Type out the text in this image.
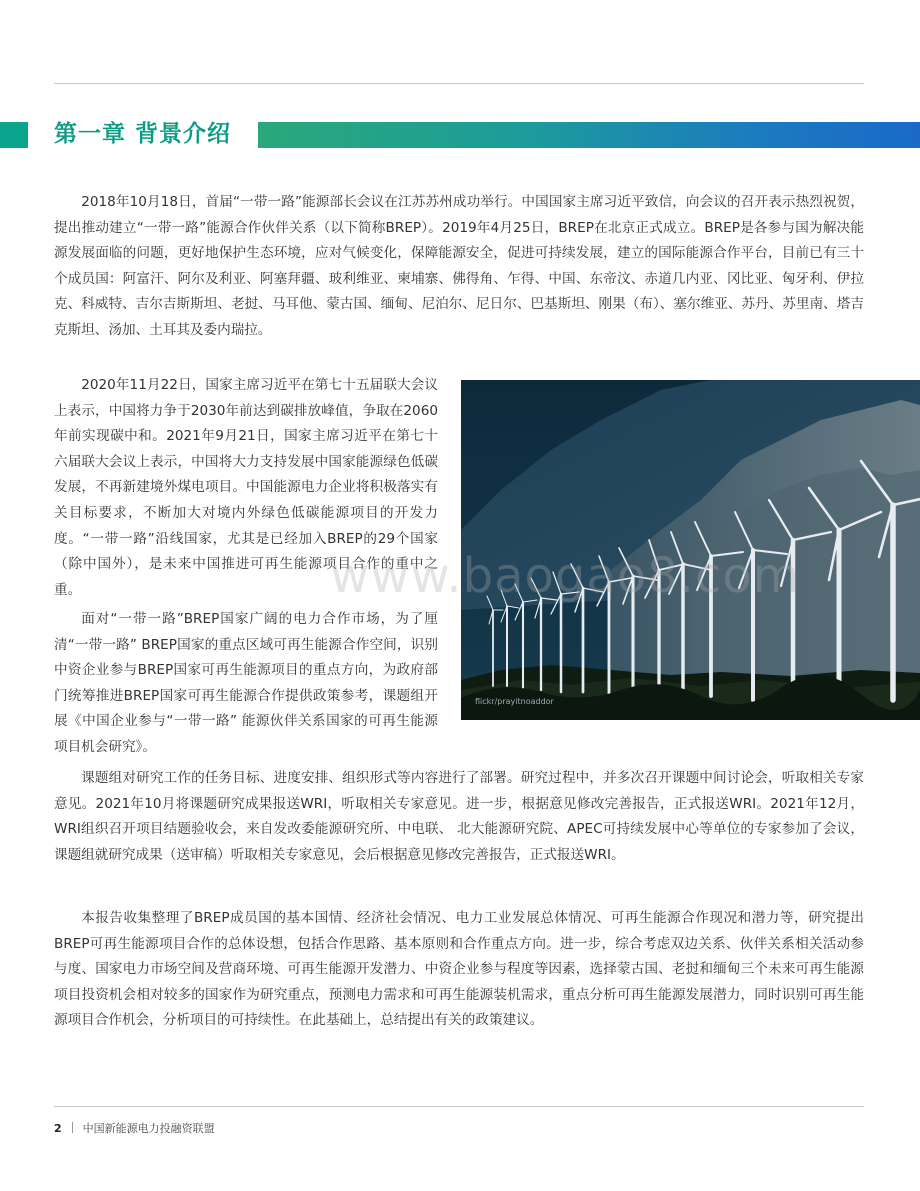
第一章 背景介绍

2018年10月18日，首届“一带一路”能源部长会议在江苏苏州成功举行。中国国家主席习近平致信，向会议的召开表示热烈祝贺，提出推动建立“一带一路”能源合作伙伴关系（以下简称BREP）。2019年4月25日，BREP在北京正式成立。BREP是各参与国为解决能源发展面临的问题，更好地保护生态环境，应对气候变化，保障能源安全，促进可持续发展，建立的国际能源合作平台，目前已有三十个成员国：阿富汗、阿尔及利亚、阿塞拜疆、玻利维亚、柬埔寨、佛得角、乍得、中国、东帝汶、赤道几内亚、冈比亚、匈牙利、伊拉克、科威特、吉尔吉斯斯坦、老挝、马耳他、蒙古国、缅甸、尼泊尔、尼日尔、巴基斯坦、刚果（布）、塞尔维亚、苏丹、苏里南、塔吉克斯坦、汤加、土耳其及委内瑞拉。

2020年11月22日，国家主席习近平在第七十五届联大会议上表示，中国将力争于2030年前达到碳排放峰值，争取在2060年前实现碳中和。2021年9月21日，国家主席习近平在第七十六届联大会议上表示，中国将大力支持发展中国家能源绿色低碳发展，不再新建境外煤电项目。中国能源电力企业将积极落实有关目标要求，不断加大对境内外绿色低碳能源项目的开发力度。“一带一路”沿线国家，尤其是已经加入BREP的29个国家（除中国外），是未来中国推进可再生能源项目合作的重中之重。

面对“一带一路”BREP国家广阔的电力合作市场，为了厘清“一带一路” BREP国家的重点区域可再生能源合作空间，识别中资企业参与BREP国家可再生能源项目的重点方向，为政府部门统筹推进BREP国家可再生能源合作提供政策参考，课题组开展《中国企业参与“一带一路” 能源伙伴关系国家的可再生能源项目机会研究》。

flickr/prayitnoaddor

课题组对研究工作的任务目标、进度安排、组织形式等内容进行了部署。研究过程中，并多次召开课题中间讨论会，听取相关专家意见。2021年10月将课题研究成果报送WRI，听取相关专家意见。进一步，根据意见修改完善报告，正式报送WRI。2021年12月，WRI组织召开项目结题验收会，来自发改委能源研究所、中电联、 北大能源研究院、APEC可持续发展中心等单位的专家参加了会议，课题组就研究成果（送审稿）听取相关专家意见，会后根据意见修改完善报告，正式报送WRI。

本报告收集整理了BREP成员国的基本国情、经济社会情况、电力工业发展总体情况、可再生能源合作现况和潜力等，研究提出BREP可再生能源项目合作的总体设想，包括合作思路、基本原则和合作重点方向。进一步，综合考虑双边关系、伙伴关系相关活动参与度、国家电力市场空间及营商环境、可再生能源开发潜力、中资企业参与程度等因素，选择蒙古国、老挝和缅甸三个未来可再生能源项目投资机会相对较多的国家作为研究重点，预测电力需求和可再生能源装机需求，重点分析可再生能源发展潜力，同时识别可再生能源项目合作机会，分析项目的可持续性。在此基础上，总结提出有关的政策建议。

www.baogao8.com
2 中国新能源电力投融资联盟
